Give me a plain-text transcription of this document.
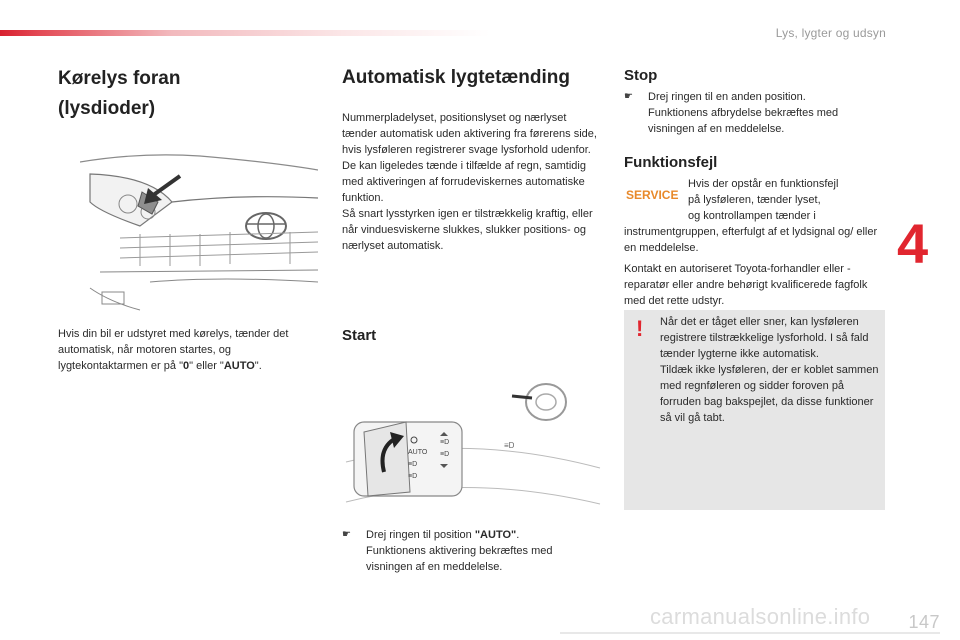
Lys, lygter og udsyn
4
Kørelys foran
(lysdioder)
Hvis din bil er udstyret med kørelys, tænder det automatisk, når motoren startes, og lygtekontaktarmen er på "0" eller "AUTO".
Automatisk lygtetænding
Nummerpladelyset, positionslyset og nærlyset tænder automatisk uden aktivering fra førerens side, hvis lysføleren registrerer svage lysforhold udenfor. De kan ligeledes tænde i tilfælde af regn, samtidig med aktiveringen af forrudeviskernes automatiske funktion.
Så snart lysstyrken igen er tilstrækkelig kraftig, eller når vinduesviskerne slukkes, slukker positions- og nærlyset automatisk.
Start
AUTO
≡D
≡D
≡D
≡D
≡D
☛ Drej ringen til position "AUTO".
Funktionens aktivering bekræftes med visningen af en meddelelse.
Stop
☛ Drej ringen til en anden position.
Funktionens afbrydelse bekræftes med visningen af en meddelelse.
Funktionsfejl
SERVICE
Hvis der opstår en funktionsfejl
på lysføleren, tænder lyset,
og kontrollampen tænder i
instrumentgruppen, efterfulgt af et lydsignal og/ eller en meddelelse.
Kontakt en autoriseret Toyota-forhandler eller -reparatør eller andre behørigt kvalificerede fagfolk med det rette udstyr.
!	Når det er tåget eller sner, kan lysføleren registrere tilstrækkelige lysforhold. I så fald tænder lygterne ikke automatisk.
Tildæk ikke lysføleren, der er koblet sammen med regnføleren og sidder foroven på forruden bag bakspejlet, da disse funktioner så vil gå tabt.
carmanualsonline.info 147
